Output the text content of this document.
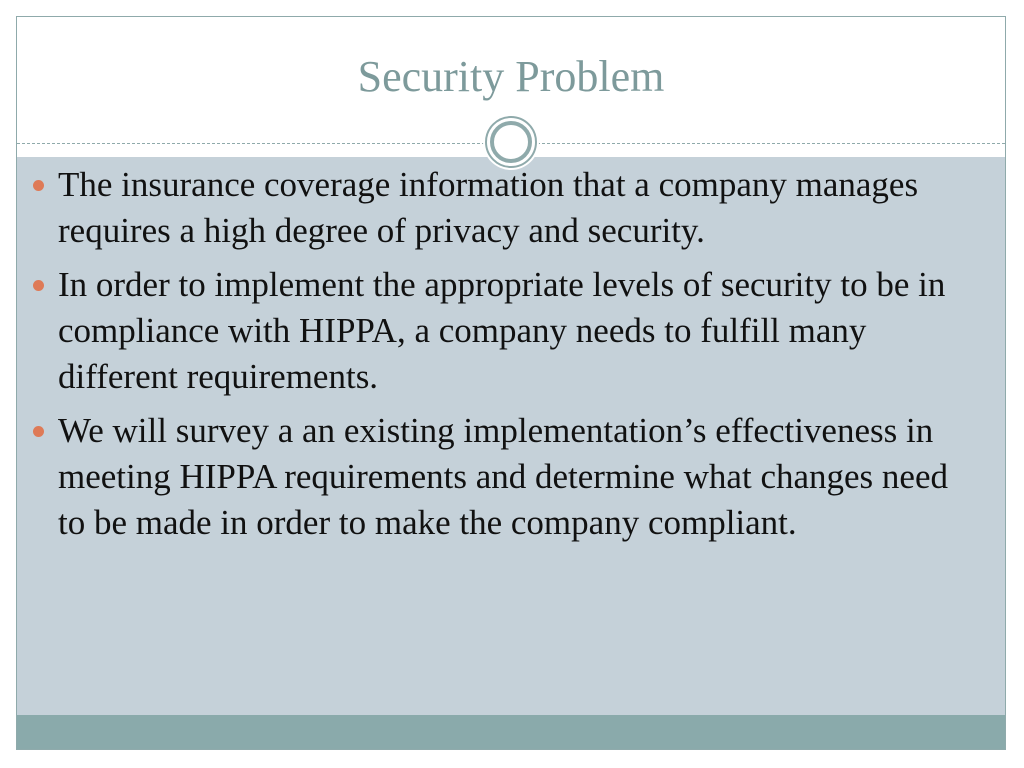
Security Problem
The insurance coverage information that a company manages requires a high degree of privacy and security.
In order to implement the appropriate levels of security to be in compliance with HIPPA, a company needs to fulfill many different requirements.
We will survey a an existing implementation’s effectiveness in meeting HIPPA requirements and determine what changes need to be made in order to make the company compliant.
